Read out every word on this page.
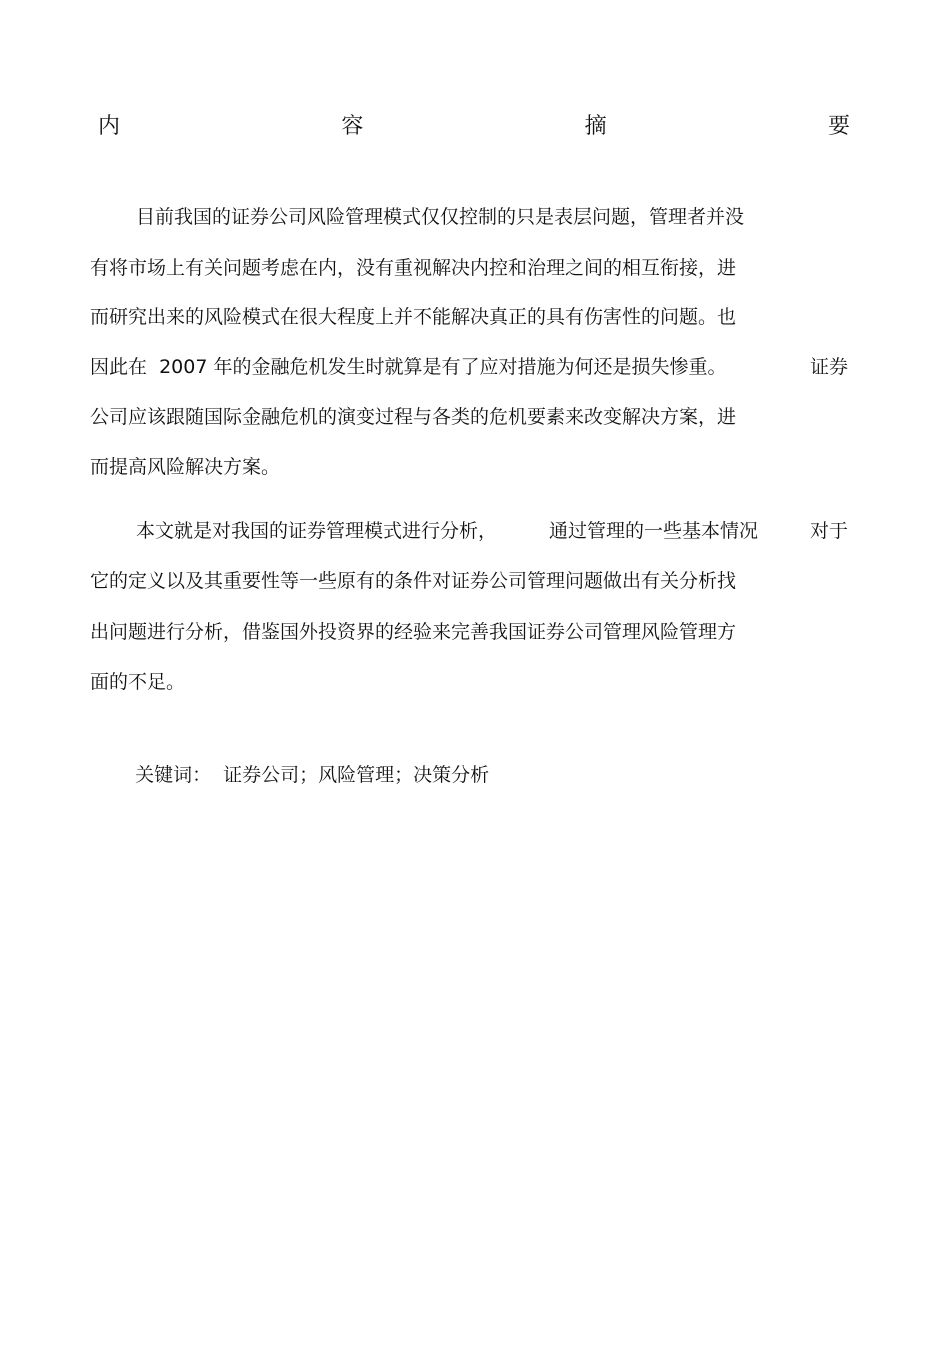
内	容	摘	要
目前我国的证券公司风险管理模式仅仅控制的只是表层问题，管理者并没
有将市场上有关问题考虑在内，没有重视解决内控和治理之间的相互衔接，进
而研究出来的风险模式在很大程度上并不能解决真正的具有伤害性的问题。也
因此在  2007 年的金融危机发生时就算是有了应对措施为何还是损失惨重。	证券
公司应该跟随国际金融危机的演变过程与各类的危机要素来改变解决方案，进
而提高风险解决方案。
本文就是对我国的证券管理模式进行分析，	通过管理的一些基本情况	对于
它的定义以及其重要性等一些原有的条件对证券公司管理问题做出有关分析找
出问题进行分析，借鉴国外投资界的经验来完善我国证券公司管理风险管理方
面的不足。

关键词： 证券公司；风险管理；决策分析
